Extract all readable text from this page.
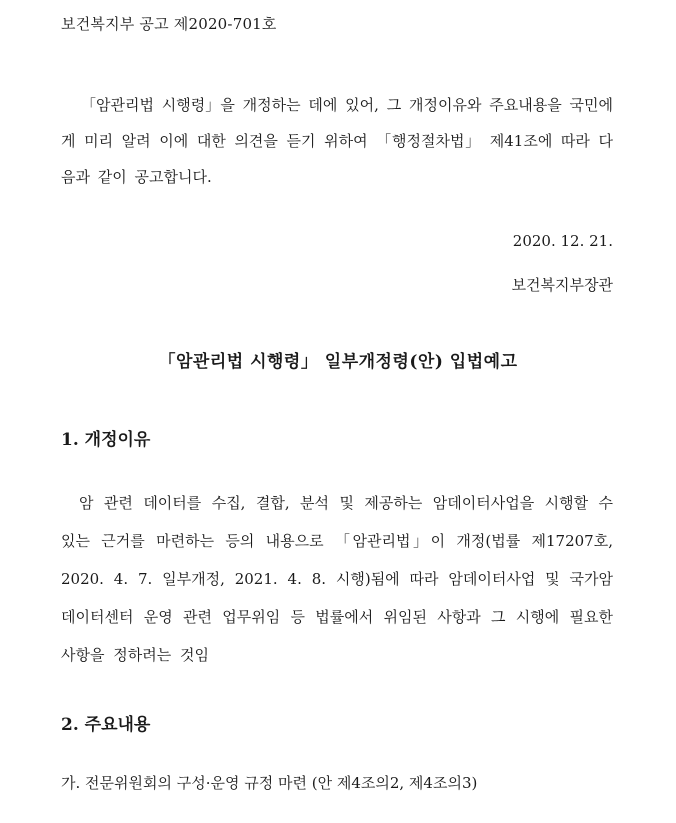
보건복지부 공고 제2020-701호
「암관리법 시행령」을 개정하는 데에 있어, 그 개정이유와 주요내용을 국민에게 미리 알려 이에 대한 의견을 듣기 위하여 「행정절차법」 제41조에 따라 다음과 같이 공고합니다.
2020. 12. 21.
보건복지부장관
「암관리법 시행령」 일부개정령(안) 입법예고
1. 개정이유
암 관련 데이터를 수집, 결합, 분석 및 제공하는 암데이터사업을 시행할 수 있는 근거를 마련하는 등의 내용으로 「암관리법」이 개정(법률 제17207호, 2020. 4. 7. 일부개정, 2021. 4. 8. 시행)됨에 따라 암데이터사업 및 국가암데이터센터 운영 관련 업무위임 등 법률에서 위임된 사항과 그 시행에 필요한 사항을 정하려는 것임
2. 주요내용
가. 전문위원회의 구성·운영 규정 마련 (안 제4조의2, 제4조의3)
